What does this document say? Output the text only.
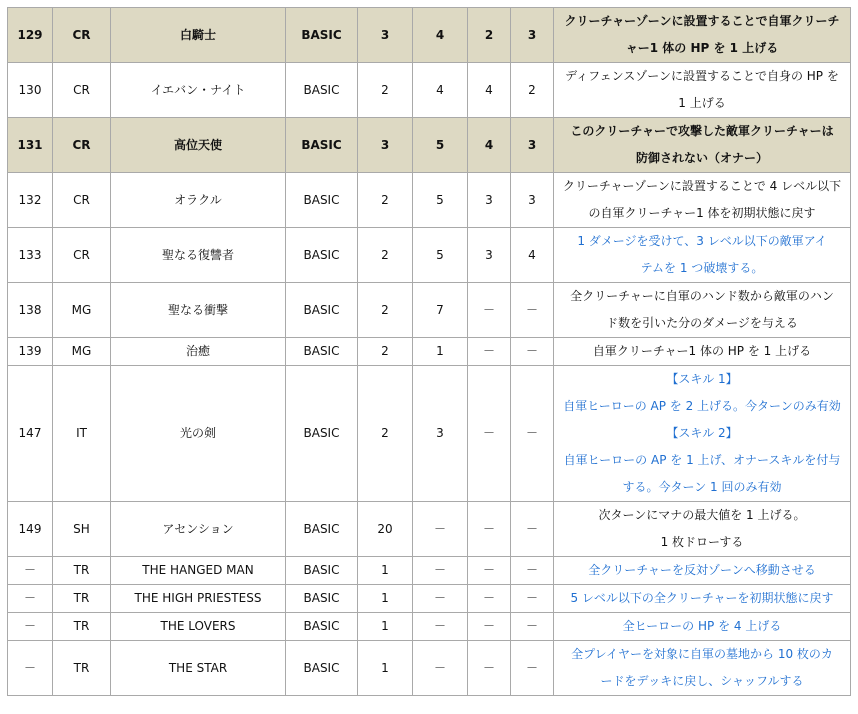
129	CR	白騎士	BASIC	3	4	2	3	クリーチャーゾーンに設置することで自軍クリーチ
ャー1 体の HP を 1 上げる

130	CR	イエバン・ナイト	BASIC	2	4	4	2	ディフェンスゾーンに設置することで自身の HP を
1 上げる

131	CR	高位天使	BASIC	3	5	4	3	このクリーチャーで攻撃した敵軍クリーチャーは
防御されない（オナー）

132	CR	オラクル	BASIC	2	5	3	3	クリーチャーゾーンに設置することで 4 レベル以下
の自軍クリーチャー1 体を初期状態に戻す

133	CR	聖なる復讐者	BASIC	2	5	3	4	1 ダメージを受けて、3 レベル以下の敵軍アイ
テムを 1 つ破壊する。

138	MG	聖なる衝撃	BASIC	2	7	－	－	全クリーチャーに自軍のハンド数から敵軍のハン
ド数を引いた分のダメージを与える

139	MG	治癒	BASIC	2	1	－	－	自軍クリーチャー1 体の HP を 1 上げる

147	IT	光の剣	BASIC	2	3	－	－	【スキル 1】
自軍ヒーローの AP を 2 上げる。今ターンのみ有効
【スキル 2】
自軍ヒーローの AP を 1 上げ、オナースキルを付与
する。今ターン 1 回のみ有効

149	SH	アセンション	BASIC	20	－	－	－	次ターンにマナの最大値を 1 上げる。
1 枚ドローする

－	TR	THE HANGED MAN	BASIC	1	－	－	－	全クリーチャーを反対ゾーンへ移動させる

－	TR	THE HIGH PRIESTESS	BASIC	1	－	－	－	5 レベル以下の全クリーチャーを初期状態に戻す

－	TR	THE LOVERS	BASIC	1	－	－	－	全ヒーローの HP を 4 上げる

－	TR	THE STAR	BASIC	1	－	－	－	全プレイヤーを対象に自軍の墓地から 10 枚のカ
ードをデッキに戻し、シャッフルする
